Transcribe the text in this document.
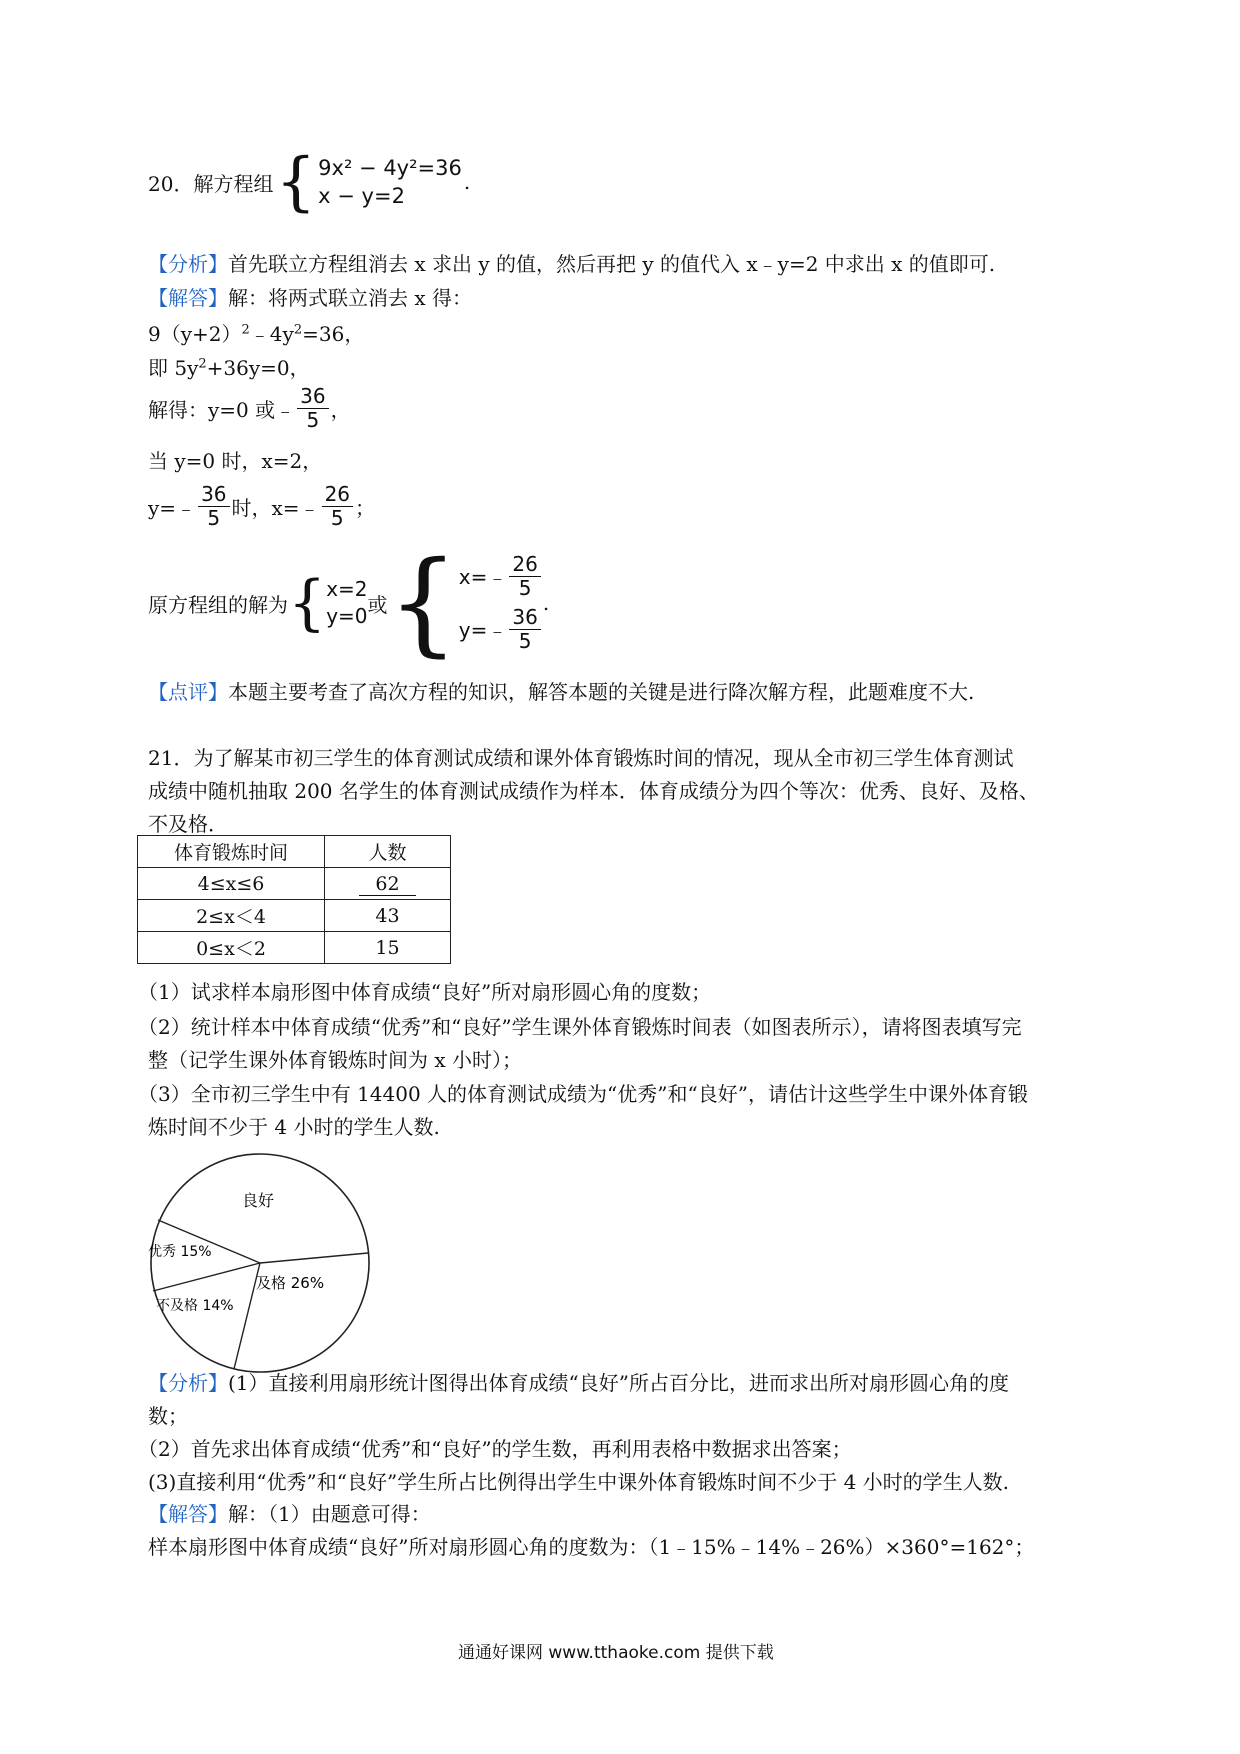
20． 解方程组 { 9x² − 4y²=36
x − y=2
.
【分析】首先联立方程组消去 x 求出 y 的值，然后再把 y 的值代入 x﹣y=2 中求出 x 的值即可.
【解答】解：将两式联立消去 x 得：
$9(y+2)^2﹣4y^2=36$，
即 $5y^2+36y=0$，
解得：y=0 或﹣ $\frac{36}{5}$ ，
当 y=0 时，x=2，
y=﹣ $\frac{36}{5}$ 时，x=﹣ $\frac{26}{5}$ ；
原方程组的解为 { x=2
y=0 或 { x=﹣ $\frac{26}{5}$
y=﹣ $\frac{36}{5}$
.
【点评】本题主要考查了高次方程的知识，解答本题的关键是进行降次解方程，此题难度不大.
21．为了解某市初三学生的体育测试成绩和课外体育锻炼时间的情况，现从全市初三学生体育测试
成绩中随机抽取 200 名学生的体育测试成绩作为样本．体育成绩分为四个等次：优秀、良好、及格、
不及格．
体育锻炼时间	人数
4≤x≤6	62
2≤x＜4	43
0≤x＜2	15
（1）试求样本扇形图中体育成绩“良好”所对扇形圆心角的度数；
（2）统计样本中体育成绩“优秀”和“良好”学生课外体育锻炼时间表（如图表所示），请将图表填写完
整（记学生课外体育锻炼时间为 x 小时）；
（3）全市初三学生中有 14400 人的体育测试成绩为“优秀”和“良好”，请估计这些学生中课外体育锻
炼时间不少于 4 小时的学生人数.
良好
优秀 15%
不及格 14%
及格 26%
【分析】(1）直接利用扇形统计图得出体育成绩“良好”所占百分比，进而求出所对扇形圆心角的度
数；
（2）首先求出体育成绩“优秀”和“良好”的学生数，再利用表格中数据求出答案；
(3)直接利用“优秀”和“良好”学生所占比例得出学生中课外体育锻炼时间不少于 4 小时的学生人数.
【解答】解：（1）由题意可得：
样本扇形图中体育成绩“良好”所对扇形圆心角的度数为：（1﹣15%﹣14%﹣26%）×360°=162°；
通通好课网 www.tthaoke.com 提供下载
